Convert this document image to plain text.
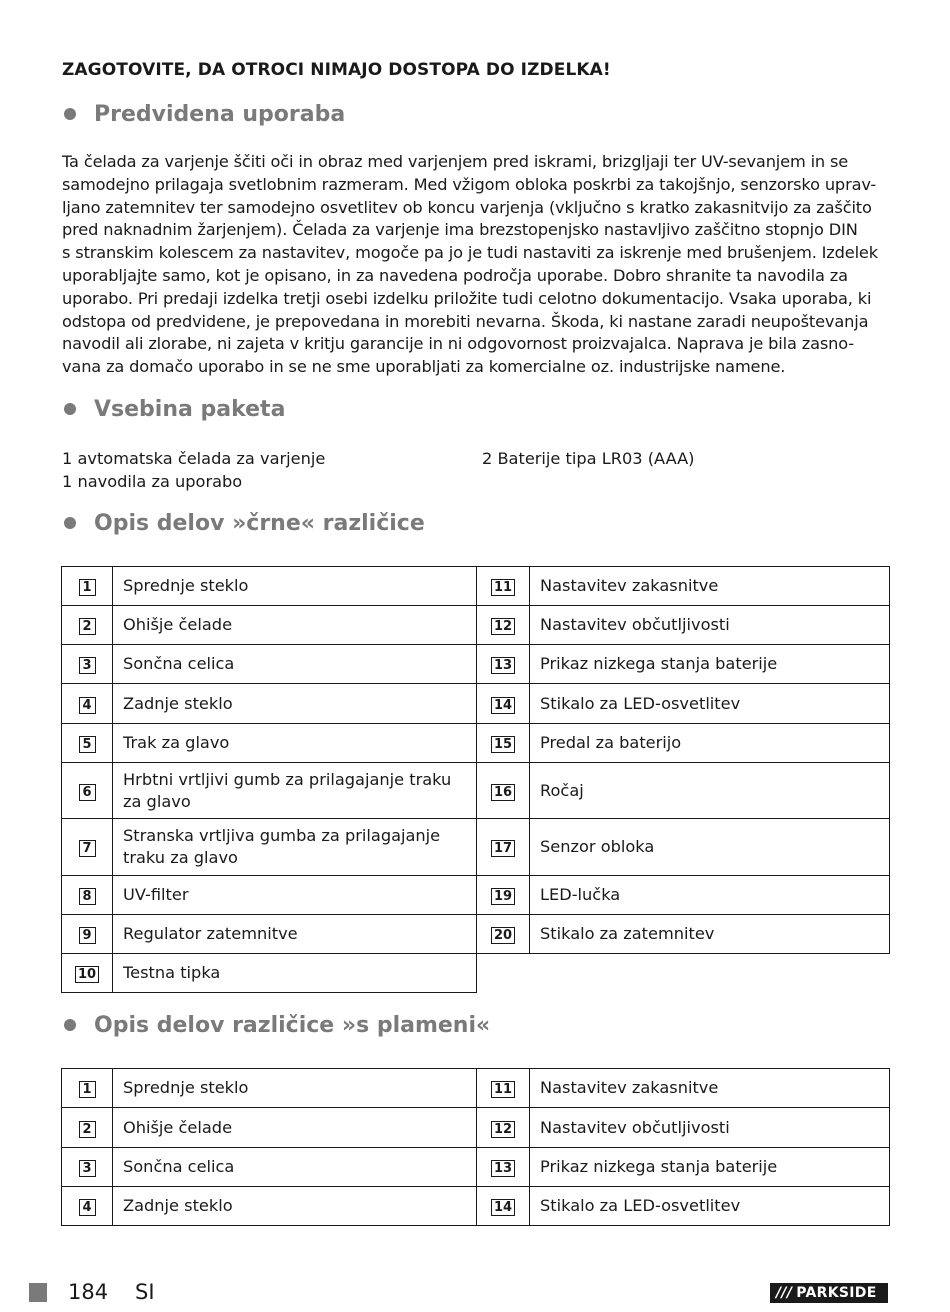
ZAGOTOVITE, DA OTROCI NIMAJO DOSTOPA DO IZDELKA!
Predvidena uporaba
Ta čelada za varjenje ščiti oči in obraz med varjenjem pred iskrami, brizgljaji ter UV-sevanjem in se
samodejno prilagaja svetlobnim razmeram. Med vžigom obloka poskrbi za takojšnjo, senzorsko uprav-
ljano zatemnitev ter samodejno osvetlitev ob koncu varjenja (vključno s kratko zakasnitvijo za zaščito
pred naknadnim žarjenjem). Čelada za varjenje ima brezstopenjsko nastavljivo zaščitno stopnjo DIN
s stranskim kolescem za nastavitev, mogoče pa jo je tudi nastaviti za iskrenje med brušenjem. Izdelek
uporabljajte samo, kot je opisano, in za navedena področja uporabe. Dobro shranite ta navodila za
uporabo. Pri predaji izdelka tretji osebi izdelku priložite tudi celotno dokumentacijo. Vsaka uporaba, ki
odstopa od predvidene, je prepovedana in morebiti nevarna. Škoda, ki nastane zaradi neupoštevanja
navodil ali zlorabe, ni zajeta v kritju garancije in ni odgovornost proizvajalca. Naprava je bila zasno-
vana za domačo uporabo in se ne sme uporabljati za komercialne oz. industrijske namene.
Vsebina paketa
1 avtomatska čelada za varjenje
1 navodila za uporabo
2 Baterije tipa LR03 (AAA)
Opis delov »črne« različice
1	Sprednje steklo	11	Nastavitev zakasnitve
2	Ohišje čelade	12	Nastavitev občutljivosti
3	Sončna celica	13	Prikaz nizkega stanja baterije
4	Zadnje steklo	14	Stikalo za LED-osvetlitev
5	Trak za glavo	15	Predal za baterijo
6	Hrbtni vrtljivi gumb za prilagajanje traku za glavo	16	Ročaj
7	Stranska vrtljiva gumba za prilagajanje traku za glavo	17	Senzor obloka
8	UV-filter	19	LED-lučka
9	Regulator zatemnitve	20	Stikalo za zatemnitev
10	Testna tipka		
Opis delov različice »s plameni«
1	Sprednje steklo	11	Nastavitev zakasnitve
2	Ohišje čelade	12	Nastavitev občutljivosti
3	Sončna celica	13	Prikaz nizkega stanja baterije
4	Zadnje steklo	14	Stikalo za LED-osvetlitev
184 SI	/// PARKSIDE
